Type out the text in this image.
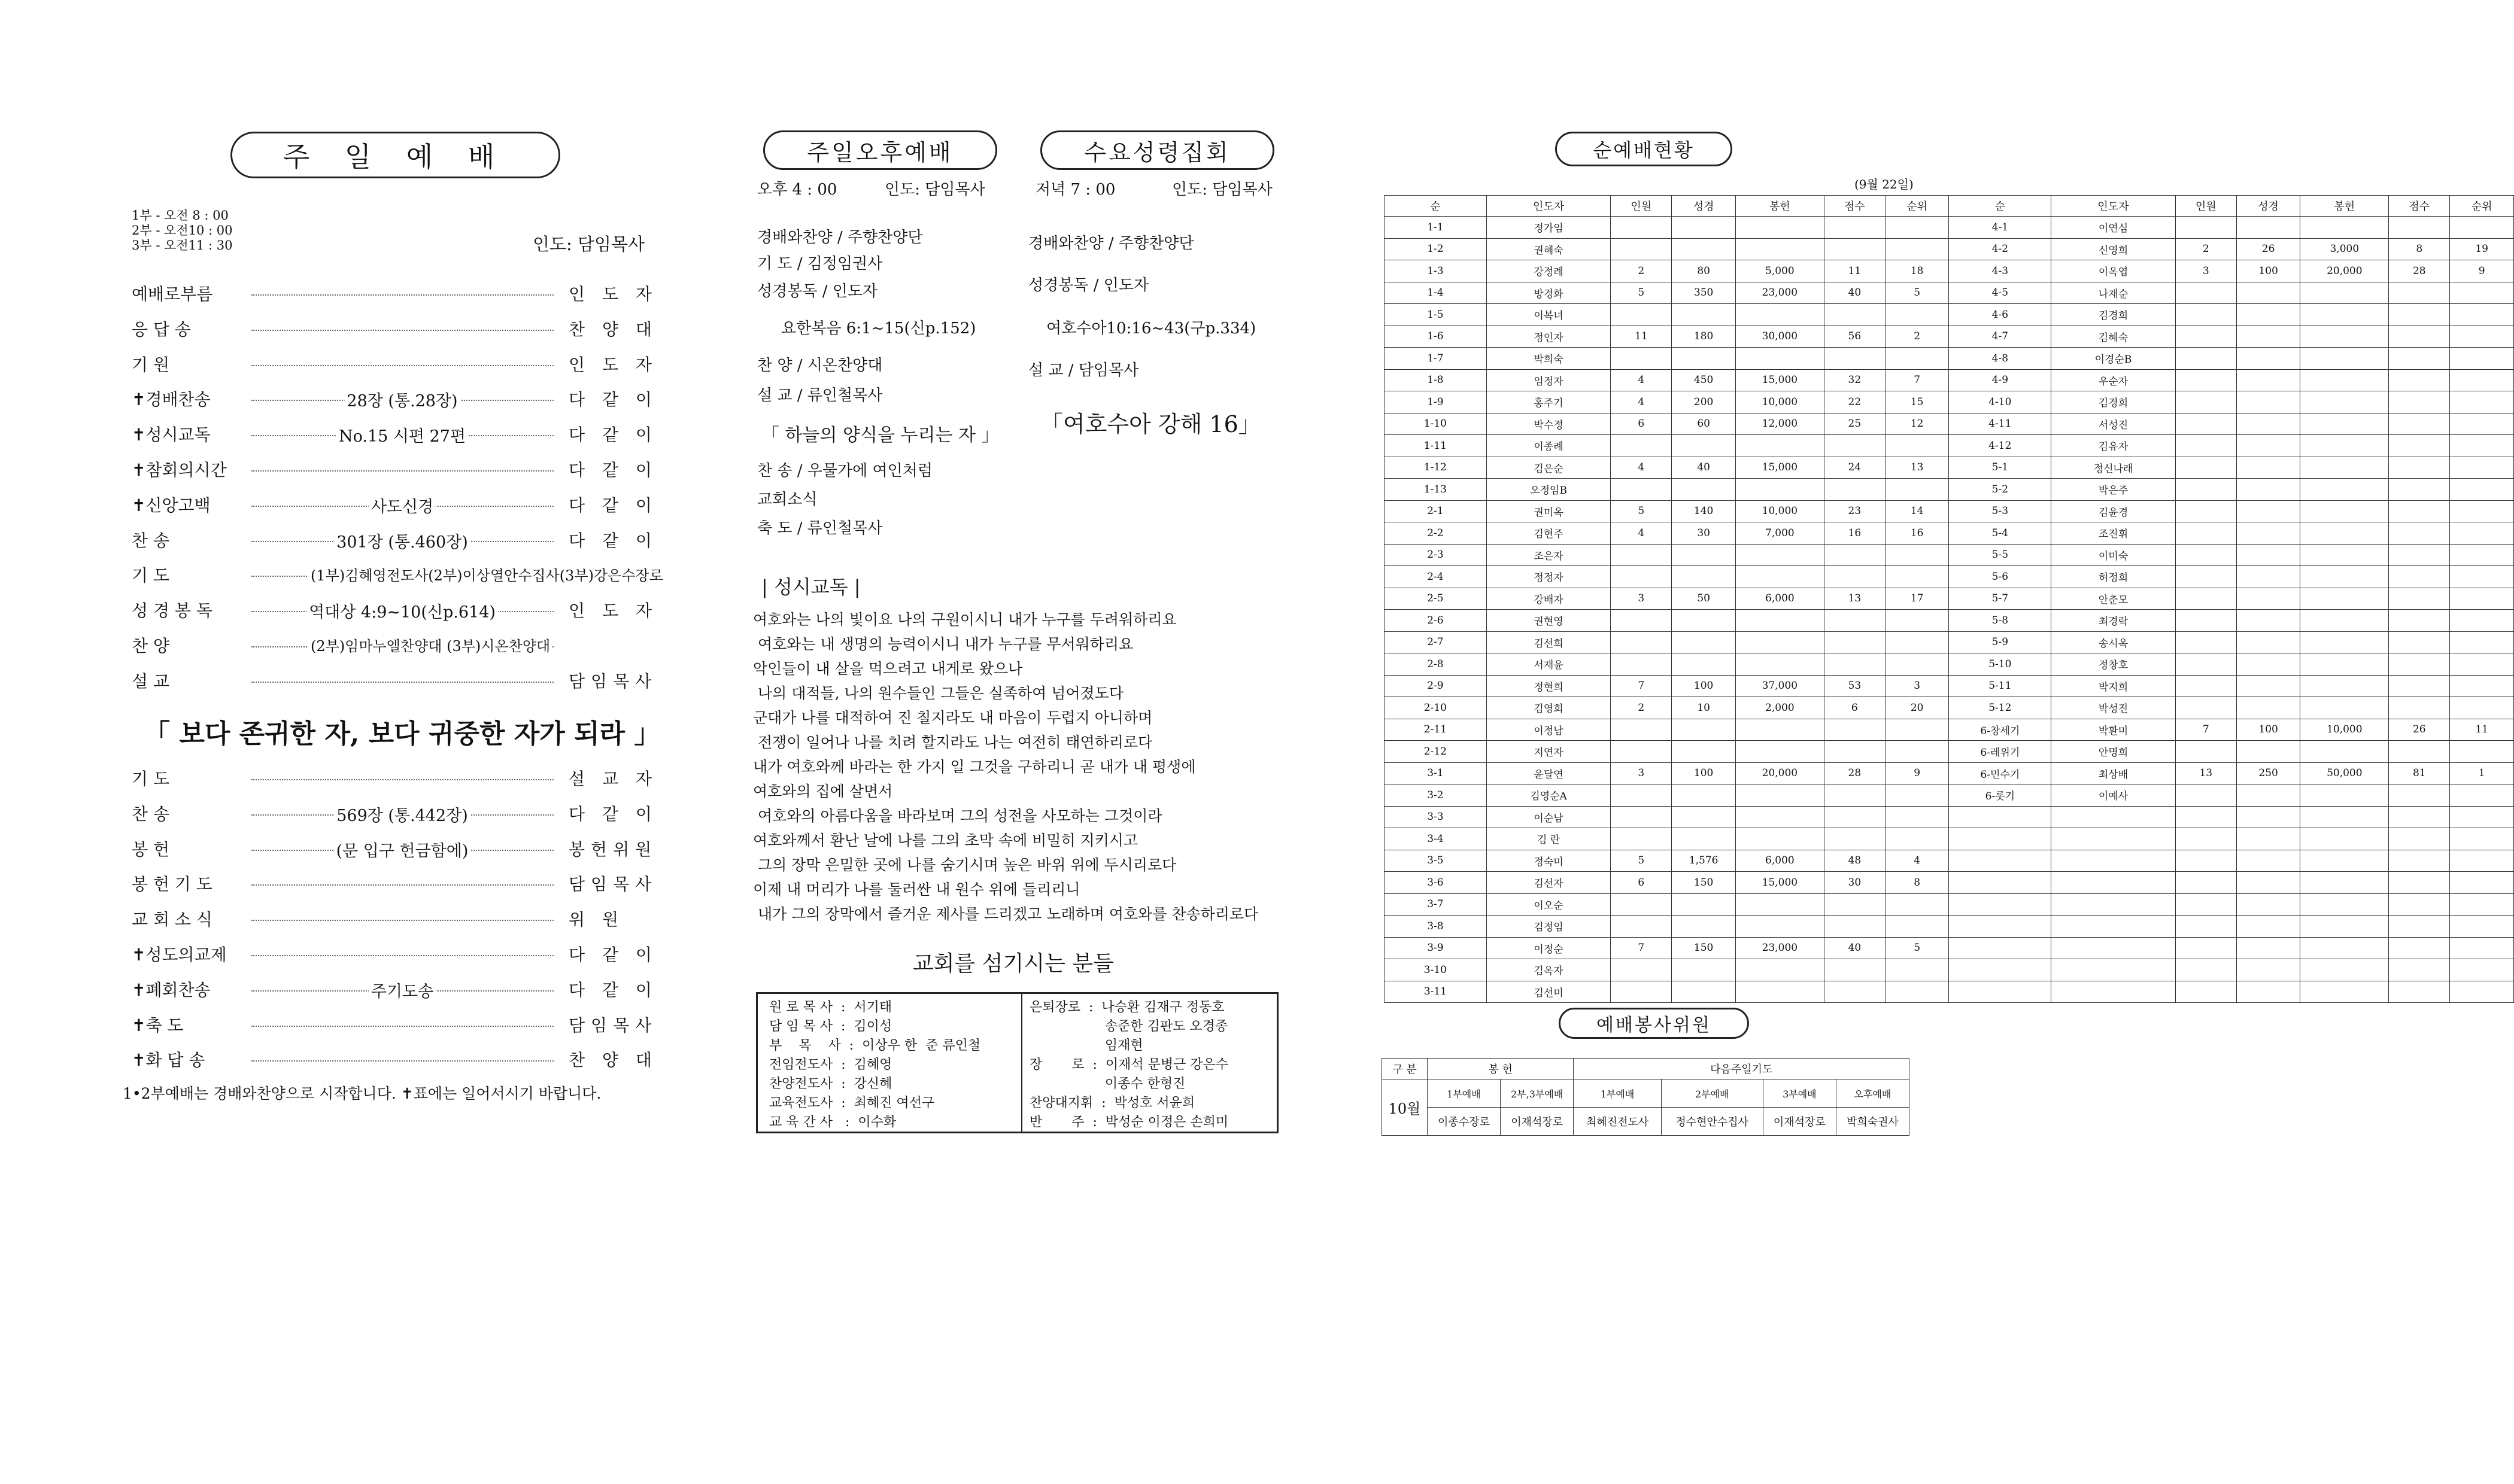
주 일 예 배
1부 - 오전 8 : 00
2부 - 오전10 : 00
3부 - 오전11 : 30	인도: 담임목사
예배로부름	인 도 자
응 답 송	찬 양 대
기 원	인 도 자
✝경배찬송	28장 (통.28장)	다 같 이
✝성시교독	No.15 시편 27편	다 같 이
✝참회의시간	다 같 이
✝신앙고백	사도신경	다 같 이
찬 송	301장 (통.460장)	다 같 이
기 도	(1부)김혜영전도사(2부)이상열안수집사(3부)강은수장로
성 경 봉 독	역대상 4:9~10(신p.614)	인 도 자
찬 양	(2부)임마누엘찬양대 (3부)시온찬양대
설 교	담임목사
「 보다 존귀한 자, 보다 귀중한 자가 되라 」
기 도	설 교 자
찬 송	569장 (통.442장)	다 같 이
봉 헌	(문 입구 헌금함에)	봉헌위원
봉 헌 기 도	담임목사
교 회 소 식	위 원
✝성도의교제	다 같 이
✝폐회찬송	주기도송	다 같 이
✝축 도	담임목사
✝화 답 송	찬 양 대
1•2부예배는 경배와찬양으로 시작합니다. ✝표에는 일어서시기 바랍니다.
주일오후예배	수요성령집회
오후 4 : 00	인도: 담임목사	저녁 7 : 00	인도: 담임목사
경배와찬양 / 주향찬양단
기 도 / 김정임권사
성경봉독 / 인도자
요한복음 6:1~15(신p.152)
찬 양 / 시온찬양대
설 교 / 류인철목사
「 하늘의 양식을 누리는 자 」
찬 송 / 우물가에 여인처럼
교회소식
축 도 / 류인철목사
경배와찬양 / 주향찬양단
성경봉독 / 인도자
여호수아10:16~43(구p.334)
설 교 / 담임목사
「여호수아 강해 16」
| 성시교독 |
여호와는 나의 빛이요 나의 구원이시니 내가 누구를 두려워하리요
여호와는 내 생명의 능력이시니 내가 누구를 무서워하리요
악인들이 내 살을 먹으려고 내게로 왔으나
나의 대적들, 나의 원수들인 그들은 실족하여 넘어졌도다
군대가 나를 대적하여 진 칠지라도 내 마음이 두렵지 아니하며
전쟁이 일어나 나를 치려 할지라도 나는 여전히 태연하리로다
내가 여호와께 바라는 한 가지 일 그것을 구하리니 곧 내가 내 평생에
여호와의 집에 살면서
여호와의 아름다움을 바라보며 그의 성전을 사모하는 그것이라
여호와께서 환난 날에 나를 그의 초막 속에 비밀히 지키시고
그의 장막 은밀한 곳에 나를 숨기시며 높은 바위 위에 두시리로다
이제 내 머리가 나를 둘러싼 내 원수 위에 들리리니
내가 그의 장막에서 즐거운 제사를 드리겠고 노래하며 여호와를 찬송하리로다
교회를 섬기시는 분들
원 로 목 사  :  서기태
담 임 목 사  :  김이성
부    목    사  :  이상우 한  준 류인철
전임전도사  :  김혜영
찬양전도사  :  강신혜
교육전도사  :  최혜진 여선구
교 육 간 사   :  이수화
은퇴장로  :  나승환 김재구 정동호
송준한 김판도 오경종
임재현
장       로  :  이재석 문병근 강은수
이종수 한형진
찬양대지휘  :  박성호 서윤희
반       주  :  박성순 이정은 손희미
순예배현황
(9월 22일)
순	인도자	인원	성경	봉헌	점수	순위	순	인도자	인원	성경	봉헌	점수	순위
1-1	정가임						4-1	이연심					
1-2	권혜숙						4-2	신영희	2	26	3,000	8	19
1-3	강정례	2	80	5,000	11	18	4-3	이옥엽	3	100	20,000	28	9
1-4	방경화	5	350	23,000	40	5	4-5	나재순					
1-5	이복녀						4-6	김경희					
1-6	정인자	11	180	30,000	56	2	4-7	김혜숙					
1-7	박희숙						4-8	이경순B					
1-8	임정자	4	450	15,000	32	7	4-9	우순자					
1-9	홍주기	4	200	10,000	22	15	4-10	김경희					
1-10	박수정	6	60	12,000	25	12	4-11	서성진					
1-11	이종례						4-12	김유자					
1-12	김은순	4	40	15,000	24	13	5-1	정신나래					
1-13	오정임B						5-2	박은주					
2-1	권미옥	5	140	10,000	23	14	5-3	김윤경					
2-2	김현주	4	30	7,000	16	16	5-4	조진휘					
2-3	조은자						5-5	이미숙					
2-4	정정자						5-6	허정희					
2-5	강배자	3	50	6,000	13	17	5-7	안춘모					
2-6	권현영						5-8	최경락					
2-7	김선희						5-9	송시옥					
2-8	서재윤						5-10	정창호					
2-9	정현희	7	100	37,000	53	3	5-11	박지희					
2-10	김영희	2	10	2,000	6	20	5-12	박성진					
2-11	이정남						6-창세기	박환미	7	100	10,000	26	11
2-12	지연자						6-레위기	안명희					
3-1	윤달연	3	100	20,000	28	9	6-민수기	최상배	13	250	50,000	81	1
3-2	김영순A						6-롯기	이예사					
3-3	이순남												
3-4	김 란												
3-5	정숙미	5	1,576	6,000	48	4							
3-6	김선자	6	150	15,000	30	8							
3-7	이오순												
3-8	김정임												
3-9	이정순	7	150	23,000	40	5							
3-10	김옥자												
3-11	김선미												
예배봉사위원
구 분	봉 헌		다음주일기도			
10월	1부예배	2부,3부예배	1부예배	2부예배	3부예배	오후예배
	이종수장로	이재석장로	최혜진전도사	정수현안수집사	이재석장로	박희숙권사
